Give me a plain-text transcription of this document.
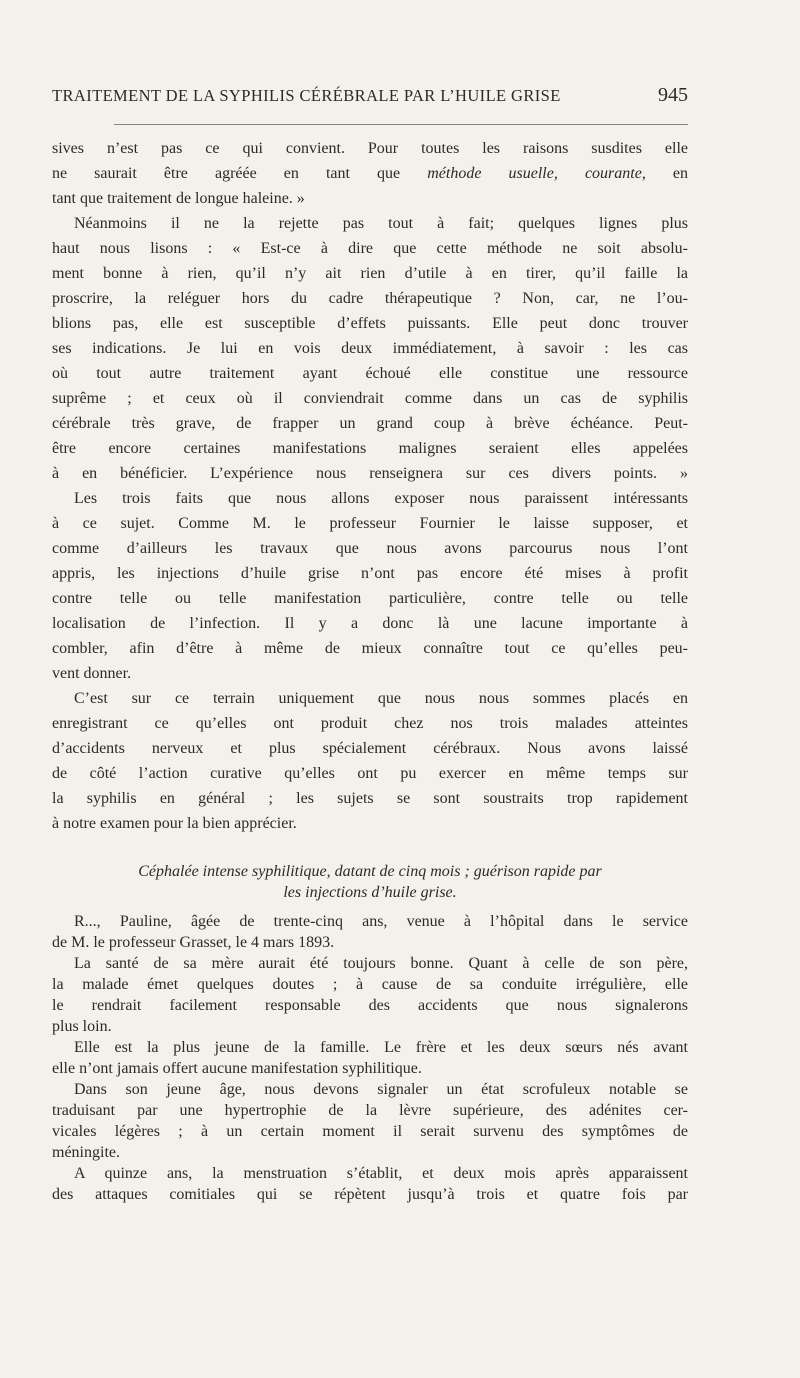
TRAITEMENT DE LA SYPHILIS CÉRÉBRALE PAR L’HUILE GRISE	945
sives n’est pas ce qui convient. Pour toutes les raisons susdites elle
ne saurait être agréée en tant que méthode usuelle, courante, en
tant que traitement de longue haleine. »
Néanmoins il ne la rejette pas tout à fait; quelques lignes plus
haut nous lisons : « Est-ce à dire que cette méthode ne soit absolu-
ment bonne à rien, qu’il n’y ait rien d’utile à en tirer, qu’il faille la
proscrire, la reléguer hors du cadre thérapeutique ? Non, car, ne l’ou-
blions pas, elle est susceptible d’effets puissants. Elle peut donc trouver
ses indications. Je lui en vois deux immédiatement, à savoir : les cas
où tout autre traitement ayant échoué elle constitue une ressource
suprême ; et ceux où il conviendrait comme dans un cas de syphilis
cérébrale très grave, de frapper un grand coup à brève échéance. Peut-
être encore certaines manifestations malignes seraient elles appelées
à en bénéficier. L’expérience nous renseignera sur ces divers points. »
Les trois faits que nous allons exposer nous paraissent intéressants
à ce sujet. Comme M. le professeur Fournier le laisse supposer, et
comme d’ailleurs les travaux que nous avons parcourus nous l’ont
appris, les injections d’huile grise n’ont pas encore été mises à profit
contre telle ou telle manifestation particulière, contre telle ou telle
localisation de l’infection. Il y a donc là une lacune importante à
combler, afin d’être à même de mieux connaître tout ce qu’elles peu-
vent donner.
C’est sur ce terrain uniquement que nous nous sommes placés en
enregistrant ce qu’elles ont produit chez nos trois malades atteintes
d’accidents nerveux et plus spécialement cérébraux. Nous avons laissé
de côté l’action curative qu’elles ont pu exercer en même temps sur
la syphilis en général ; les sujets se sont soustraits trop rapidement
à notre examen pour la bien apprécier.
Céphalée intense syphilitique, datant de cinq mois ; guérison rapide par
les injections d’huile grise.
R..., Pauline, âgée de trente-cinq ans, venue à l’hôpital dans le service
de M. le professeur Grasset, le 4 mars 1893.
La santé de sa mère aurait été toujours bonne. Quant à celle de son père,
la malade émet quelques doutes ; à cause de sa conduite irrégulière, elle
le rendrait facilement responsable des accidents que nous signalerons
plus loin.
Elle est la plus jeune de la famille. Le frère et les deux sœurs nés avant
elle n’ont jamais offert aucune manifestation syphilitique.
Dans son jeune âge, nous devons signaler un état scrofuleux notable se
traduisant par une hypertrophie de la lèvre supérieure, des adénites cer-
vicales légères ; à un certain moment il serait survenu des symptômes de
méningite.
A quinze ans, la menstruation s’établit, et deux mois après apparaissent
des attaques comitiales qui se répètent jusqu’à trois et quatre fois par
